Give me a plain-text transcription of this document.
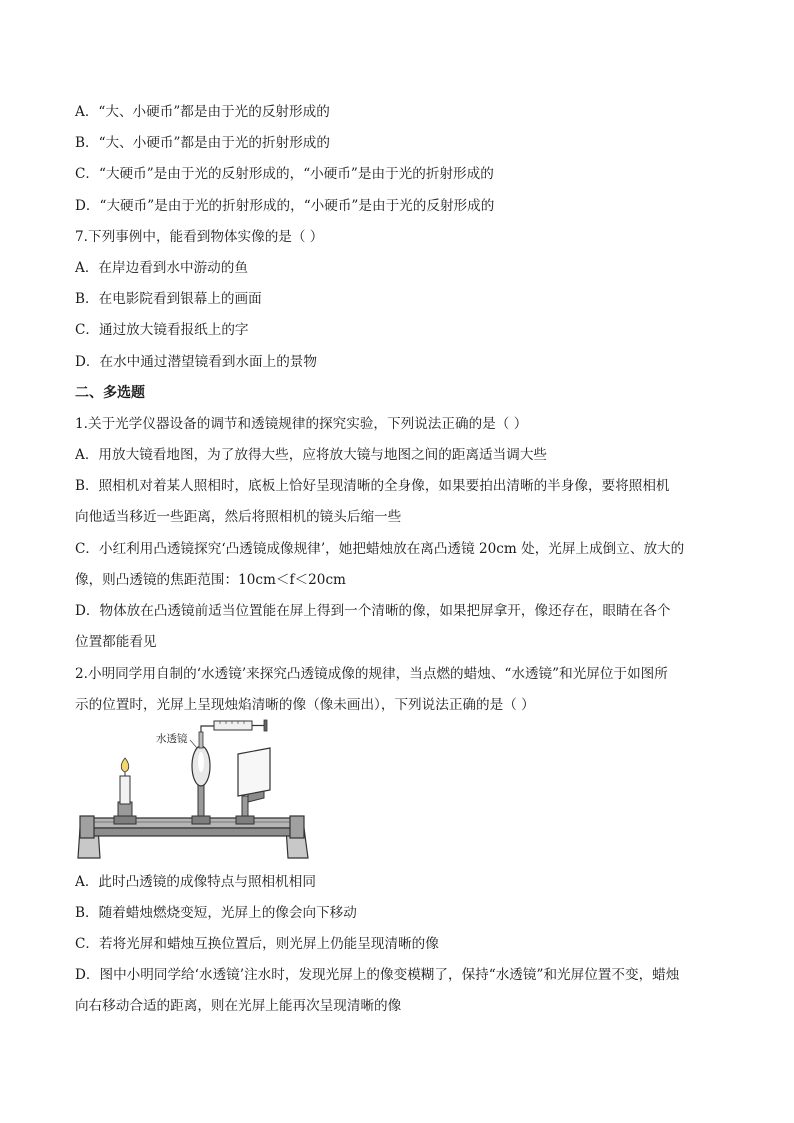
A．“大、小硬币”都是由于光的反射形成的
B．“大、小硬币”都是由于光的折射形成的
C．“大硬币”是由于光的反射形成的，“小硬币”是由于光的折射形成的
D．“大硬币”是由于光的折射形成的，“小硬币”是由于光的反射形成的
7.下列事例中，能看到物体实像的是（ ）
A．在岸边看到水中游动的鱼
B．在电影院看到银幕上的画面
C．通过放大镜看报纸上的字
D．在水中通过潜望镜看到水面上的景物
二、多选题
1.关于光学仪器设备的调节和透镜规律的探究实验，下列说法正确的是（ ）
A．用放大镜看地图，为了放得大些，应将放大镜与地图之间的距离适当调大些
B．照相机对着某人照相时，底板上恰好呈现清晰的全身像，如果要拍出清晰的半身像，要将照相机
向他适当移近一些距离，然后将照相机的镜头后缩一些
C．小红利用凸透镜探究‘凸透镜成像规律’，她把蜡烛放在离凸透镜 20cm 处，光屏上成倒立、放大的
像，则凸透镜的焦距范围：10cm＜f＜20cm
D．物体放在凸透镜前适当位置能在屏上得到一个清晰的像，如果把屏拿开，像还存在，眼睛在各个
位置都能看见
2.小明同学用自制的‘水透镜’来探究凸透镜成像的规律，当点燃的蜡烛、“水透镜”和光屏位于如图所
示的位置时，光屏上呈现烛焰清晰的像（像未画出），下列说法正确的是（ ）
水透镜
A．此时凸透镜的成像特点与照相机相同
B．随着蜡烛燃烧变短，光屏上的像会向下移动
C．若将光屏和蜡烛互换位置后，则光屏上仍能呈现清晰的像
D．图中小明同学给‘水透镜’注水时，发现光屏上的像变模糊了，保持“水透镜”和光屏位置不变，蜡烛
向右移动合适的距离，则在光屏上能再次呈现清晰的像
